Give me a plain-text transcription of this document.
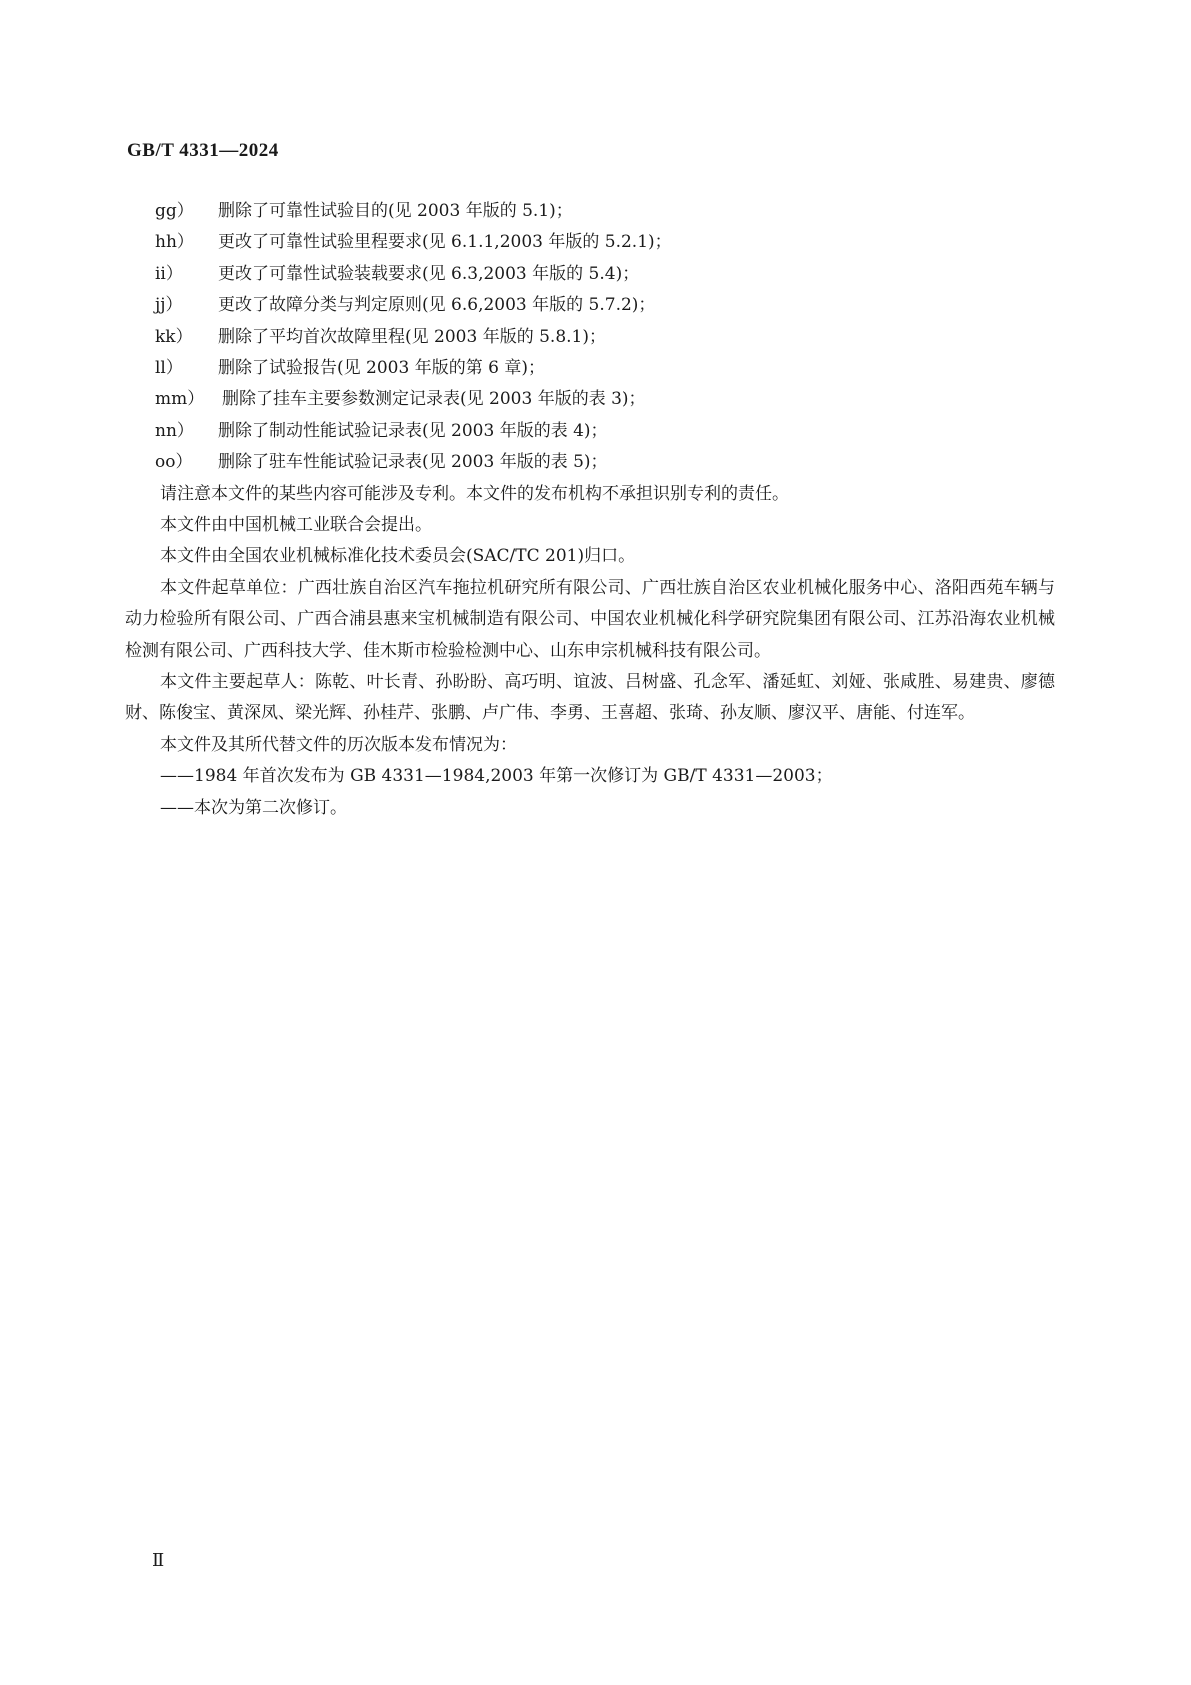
GB/T 4331—2024
gg） 删除了可靠性试验目的(见 2003 年版的 5.1)；
hh） 更改了可靠性试验里程要求(见 6.1.1,2003 年版的 5.2.1)；
ii） 更改了可靠性试验装载要求(见 6.3,2003 年版的 5.4)；
jj） 更改了故障分类与判定原则(见 6.6,2003 年版的 5.7.2)；
kk） 删除了平均首次故障里程(见 2003 年版的 5.8.1)；
ll） 删除了试验报告(见 2003 年版的第 6 章)；
mm） 删除了挂车主要参数测定记录表(见 2003 年版的表 3)；
nn） 删除了制动性能试验记录表(见 2003 年版的表 4)；
oo） 删除了驻车性能试验记录表(见 2003 年版的表 5)；
请注意本文件的某些内容可能涉及专利。本文件的发布机构不承担识别专利的责任。
本文件由中国机械工业联合会提出。
本文件由全国农业机械标准化技术委员会(SAC/TC 201)归口。
本文件起草单位：广西壮族自治区汽车拖拉机研究所有限公司、广西壮族自治区农业机械化服务中心、洛阳西苑车辆与动力检验所有限公司、广西合浦县惠来宝机械制造有限公司、中国农业机械化科学研究院集团有限公司、江苏沿海农业机械检测有限公司、广西科技大学、佳木斯市检验检测中心、山东申宗机械科技有限公司。
本文件主要起草人：陈乾、叶长青、孙盼盼、高巧明、谊波、吕树盛、孔念军、潘延虹、刘娅、张咸胜、易建贵、廖德财、陈俊宝、黄深凤、梁光辉、孙桂芹、张鹏、卢广伟、李勇、王喜超、张琦、孙友顺、廖汉平、唐能、付连军。
本文件及其所代替文件的历次版本发布情况为：
——1984 年首次发布为 GB 4331—1984,2003 年第一次修订为 GB/T 4331—2003；
——本次为第二次修订。
Ⅱ
